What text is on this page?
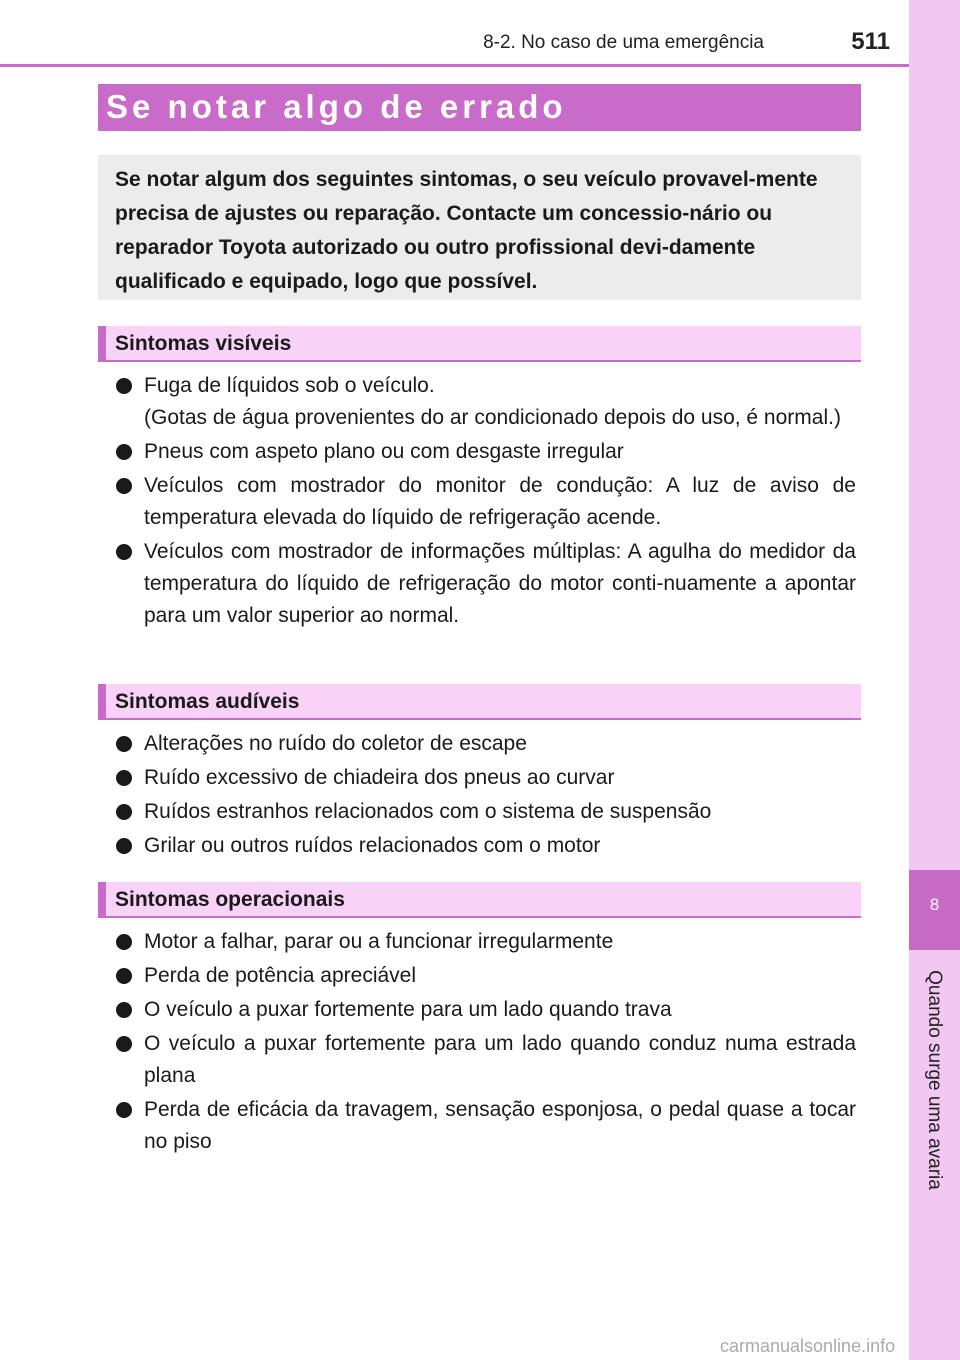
8-2. No caso de uma emergência	511
8
Quando surge uma avaria
Se notar algo de errado
Se notar algum dos seguintes sintomas, o seu veículo provavel-mente precisa de ajustes ou reparação. Contacte um concessio-nário ou reparador Toyota autorizado ou outro profissional devi-damente qualificado e equipado, logo que possível.
Sintomas visíveis
Fuga de líquidos sob o veículo.
(Gotas de água provenientes do ar condicionado depois do uso, é normal.)
Pneus com aspeto plano ou com desgaste irregular
Veículos com mostrador do monitor de condução: A luz de aviso de temperatura elevada do líquido de refrigeração acende.
Veículos com mostrador de informações múltiplas: A agulha do medidor da temperatura do líquido de refrigeração do motor conti-nuamente a apontar para um valor superior ao normal.
Sintomas audíveis
Alterações no ruído do coletor de escape
Ruído excessivo de chiadeira dos pneus ao curvar
Ruídos estranhos relacionados com o sistema de suspensão
Grilar ou outros ruídos relacionados com o motor
Sintomas operacionais
Motor a falhar, parar ou a funcionar irregularmente
Perda de potência apreciável
O veículo a puxar fortemente para um lado quando trava
O veículo a puxar fortemente para um lado quando conduz numa estrada plana
Perda de eficácia da travagem, sensação esponjosa, o pedal quase a tocar no piso
carmanualsonline.info
